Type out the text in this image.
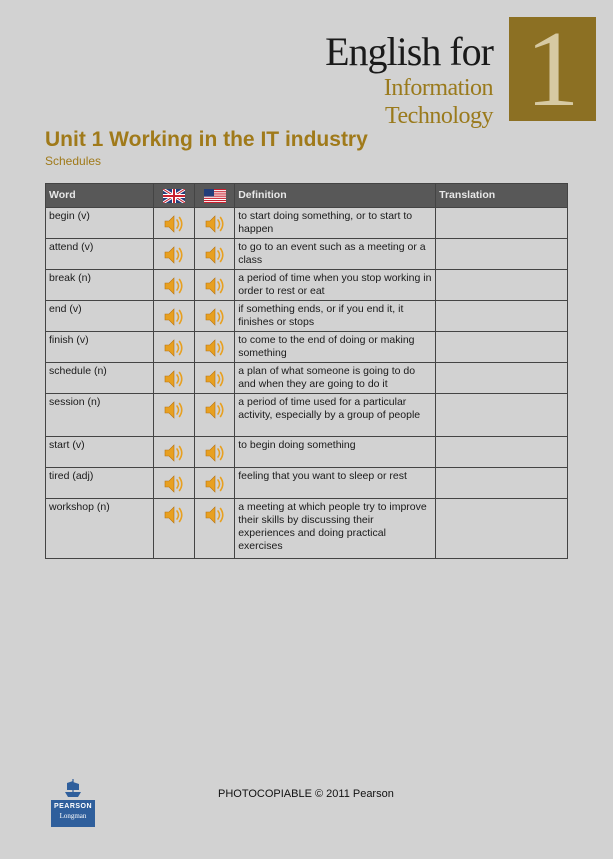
English for
Information Technology 1
Unit 1 Working in the IT industry
Schedules
Word			Definition	Translation
begin (v)			to start doing something, or to start to happen	
attend (v)			to go to an event such as a meeting or a class	
break (n)			a period of time when you stop working in order to rest or eat	
end (v)			if something ends, or if you end it, it finishes or stops	
finish (v)			to come to the end of doing or making something	
schedule (n)			a plan of what someone is going to do and when they are going to do it	
session (n)			a period of time used for a particular activity, especially by a group of people	
start (v)			to begin doing something	
tired (adj)			feeling that you want to sleep or rest	
workshop (n)			a meeting at which people try to improve their skills by discussing their experiences and doing practical exercises	
PEARSON
Longman
PHOTOCOPIABLE © 2011 Pearson
